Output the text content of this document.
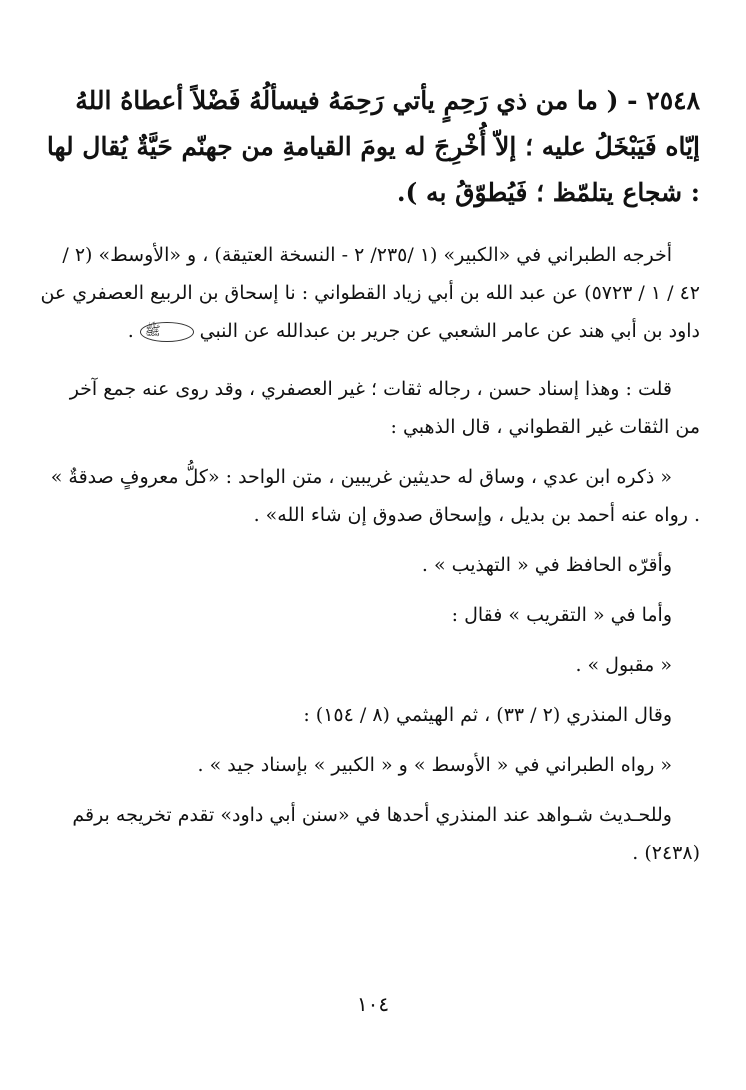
٢٥٤٨ - ( ما من ذي رَحِمٍ يأتي رَحِمَهُ فيسألُهُ فَضْلاً أعطاهُ اللهُ إيّاه فَيَبْخَلُ عليه ؛ إلاّ أُخْرِجَ له يومَ القيامةِ من جهنّم حَيَّةٌ يُقال لها : شجاع يتلمّظ ؛ فَيُطوّقُ به ).
أخرجه الطبراني في «الكبير» (١ /٢٣٥/ ٢ - النسخة العتيقة) ، و «الأوسط» (٢ / ٤٢ / ١ / ٥٧٢٣) عن عبد الله بن أبي زياد القطواني : نا إسحاق بن الربيع العصفري عن داود بن أبي هند عن عامر الشعبي عن جرير بن عبدالله عن النبي ﷺ .
قلت : وهذا إسناد حسن ، رجاله ثقات ؛ غير العصفري ، وقد روى عنه جمع آخر من الثقات غير القطواني ، قال الذهبي :
« ذكره ابن عدي ، وساق له حديثين غريبين ، متن الواحد : «كلُّ معروفٍ صدقةٌ » . رواه عنه أحمد بن بديل ، وإسحاق صدوق إن شاء الله» .
وأقرّه الحافظ في « التهذيب » .
وأما في « التقريب » فقال :
« مقبول » .
وقال المنذري (٢ / ٣٣) ، ثم الهيثمي (٨ / ١٥٤) :
« رواه الطبراني في « الأوسط » و « الكبير » بإسناد جيد » .
وللحـديث شـواهد عند المنذري أحدها في «سنن أبي داود» تقدم تخريجه برقم (٢٤٣٨) .
١٠٤
